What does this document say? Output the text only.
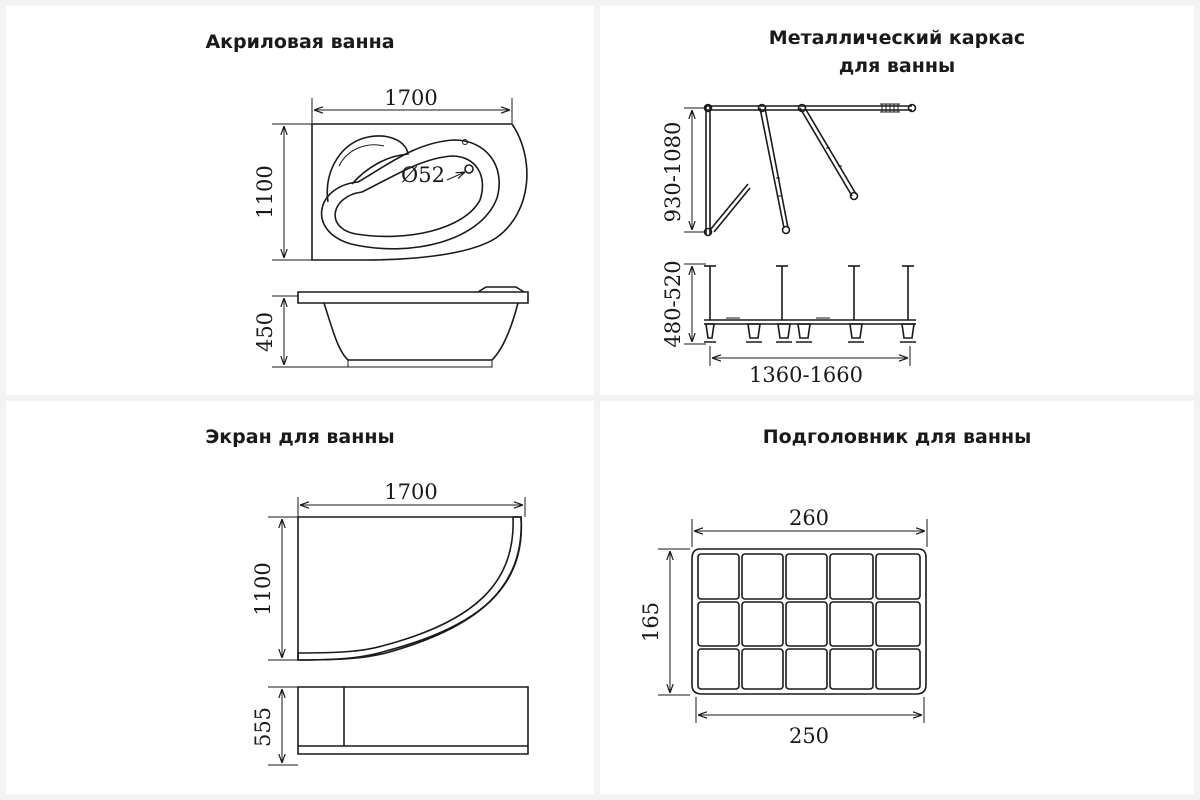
Акриловая ванна
1700
1100	Ø52
450
Металлический каркас
для ванны
930-1080
480-520
1360-1660
Экран для ванны
1700
1100
555
Подголовник для ванны
260
165
250
